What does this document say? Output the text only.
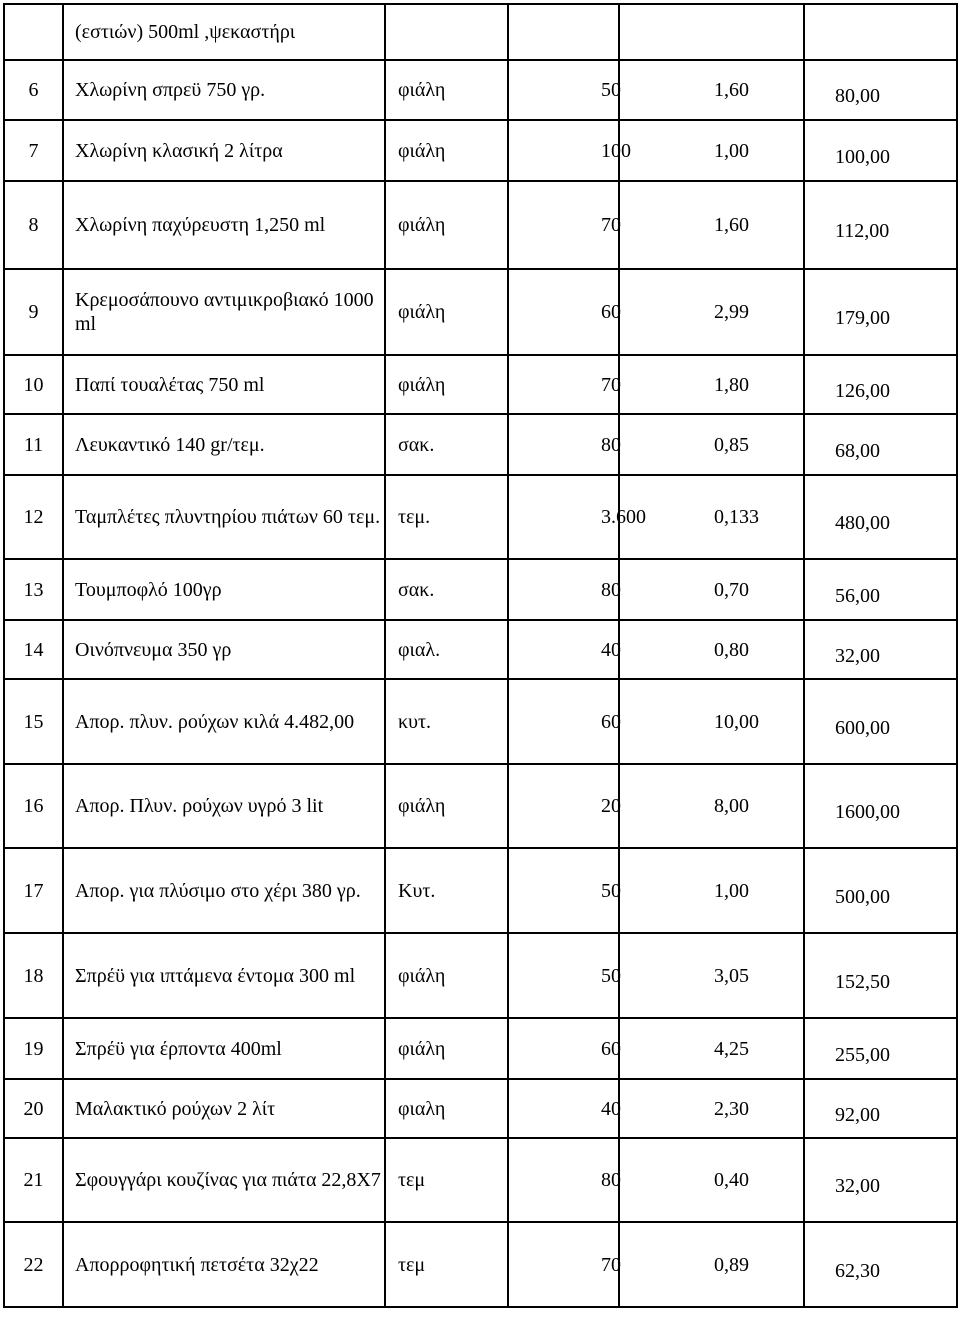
	(εστιών) 500ml ,ψεκαστήρι				
6	Χλωρίνη σπρεϋ 750 γρ.	φιάλη	50	1,60	80,00
7	Χλωρίνη κλασική 2 λίτρα	φιάλη	100	1,00	100,00
8	Χλωρίνη παχύρευστη 1,250 ml	φιάλη	70	1,60	112,00
9	Κρεμοσάπουνο αντιμικροβιακό 1000 ml	φιάλη	60	2,99	179,00
10	Παπί τουαλέτας 750 ml	φιάλη	70	1,80	126,00
11	Λευκαντικό 140 gr/τεμ.	σακ.	80	0,85	68,00
12	Ταμπλέτες πλυντηρίου πιάτων 60 τεμ.	τεμ.	3.600	0,133	480,00
13	Τουμποφλό 100γρ	σακ.	80	0,70	56,00
14	Οινόπνευμα 350 γρ	φιαλ.	40	0,80	32,00
15	Απορ. πλυν. ρούχων κιλά 4.482,00	κυτ.	60	10,00	600,00
16	Απορ. Πλυν. ρούχων υγρό 3 lit	φιάλη	20	8,00	1600,00
17	Απορ. για πλύσιμο στο χέρι 380 γρ.	Κυτ.	50	1,00	500,00
18	Σπρέϋ για ιπτάμενα έντομα 300 ml	φιάλη	50	3,05	152,50
19	Σπρέϋ για έρποντα 400ml	φιάλη	60	4,25	255,00
20	Μαλακτικό ρούχων 2 λίτ	φιαλη	40	2,30	92,00
21	Σφουγγάρι κουζίνας για πιάτα 22,8Χ7	τεμ	80	0,40	32,00
22	Απορροφητική πετσέτα 32χ22	τεμ	70	0,89	62,30
